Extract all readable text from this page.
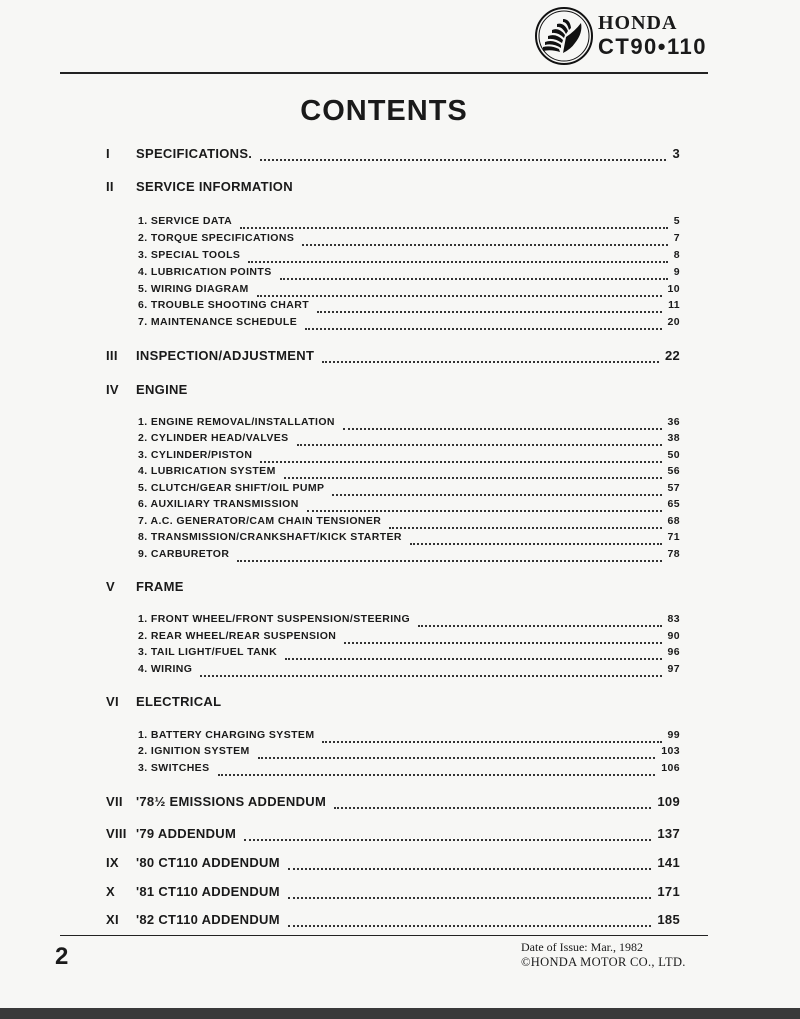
HONDA
CT90•110
CONTENTS
I	SPECIFICATIONS.	3
II	SERVICE INFORMATION
1. SERVICE DATA	5
2. TORQUE SPECIFICATIONS	7
3. SPECIAL TOOLS	8
4. LUBRICATION POINTS	9
5. WIRING DIAGRAM	10
6. TROUBLE SHOOTING CHART	11
7. MAINTENANCE SCHEDULE	20
III	INSPECTION/ADJUSTMENT	22
IV	ENGINE
1. ENGINE REMOVAL/INSTALLATION	36
2. CYLINDER HEAD/VALVES	38
3. CYLINDER/PISTON	50
4. LUBRICATION SYSTEM	56
5. CLUTCH/GEAR SHIFT/OIL PUMP	57
6. AUXILIARY TRANSMISSION	65
7. A.C. GENERATOR/CAM CHAIN TENSIONER	68
8. TRANSMISSION/CRANKSHAFT/KICK STARTER	71
9. CARBURETOR	78
V	FRAME
1. FRONT WHEEL/FRONT SUSPENSION/STEERING	83
2. REAR WHEEL/REAR SUSPENSION	90
3. TAIL LIGHT/FUEL TANK	96
4. WIRING	97
VI	ELECTRICAL
1. BATTERY CHARGING SYSTEM	99
2. IGNITION SYSTEM	103
3. SWITCHES	106
VII	'78½ EMISSIONS ADDENDUM	109
VIII '79 ADDENDUM	137
IX	'80 CT110 ADDENDUM	141
X	'81 CT110 ADDENDUM	171
XI	'82 CT110 ADDENDUM	185
2	Date of Issue: Mar., 1982
©HONDA MOTOR CO., LTD.
